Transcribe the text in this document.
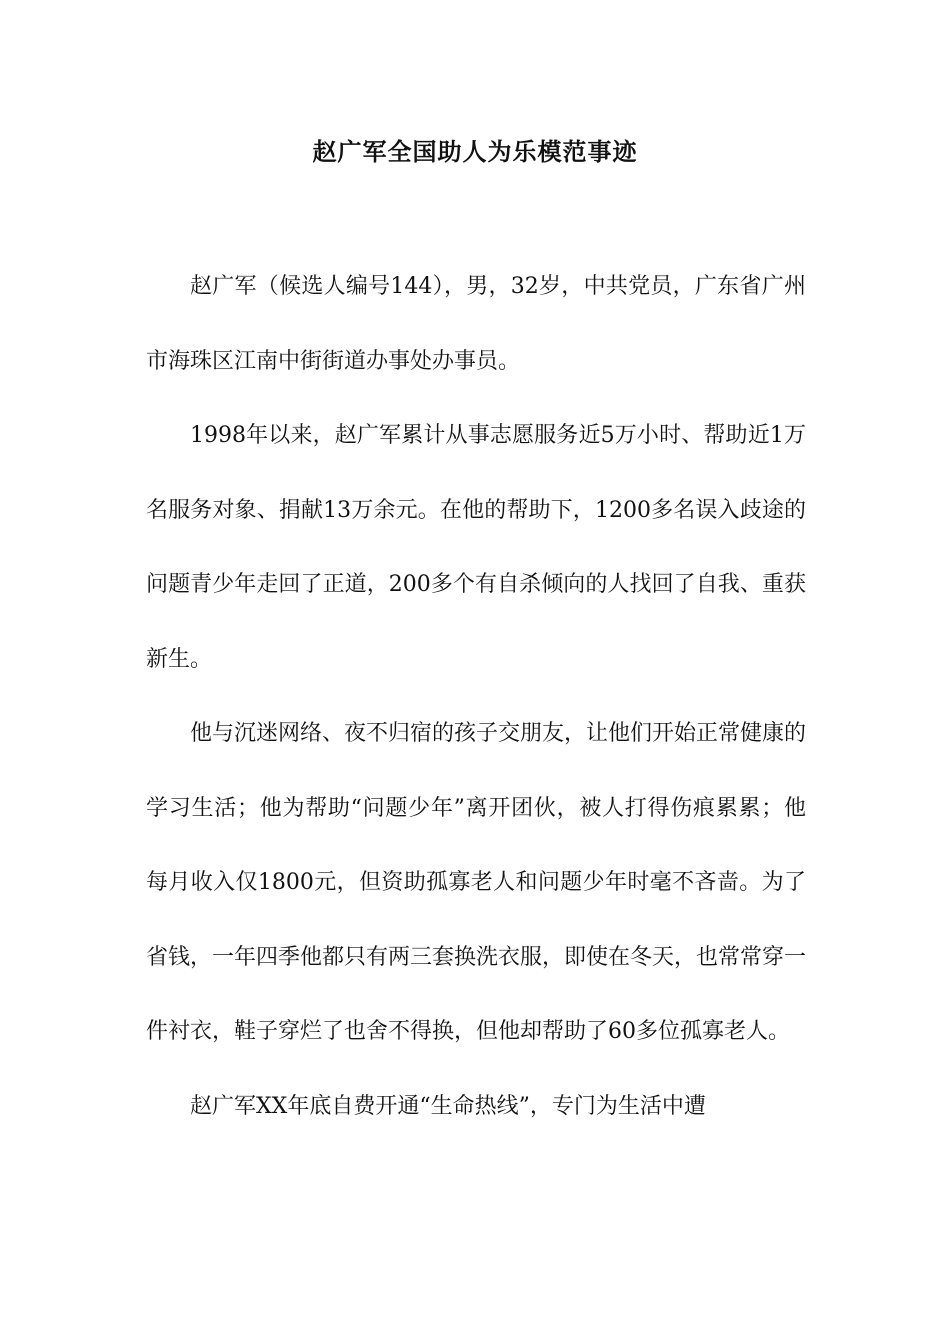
赵广军全国助人为乐模范事迹

赵广军（候选人编号144），男，32岁，中共党员，广东省广州市海珠区江南中街街道办事处办事员。

1998年以来，赵广军累计从事志愿服务近5万小时、帮助近1万名服务对象、捐献13万余元。在他的帮助下，1200多名误入歧途的问题青少年走回了正道，200多个有自杀倾向的人找回了自我、重获新生。

他与沉迷网络、夜不归宿的孩子交朋友，让他们开始正常健康的学习生活；他为帮助“问题少年”离开团伙，被人打得伤痕累累；他每月收入仅1800元，但资助孤寡老人和问题少年时毫不吝啬。为了省钱，一年四季他都只有两三套换洗衣服，即使在冬天，也常常穿一件衬衣，鞋子穿烂了也舍不得换，但他却帮助了60多位孤寡老人。

赵广军XX年底自费开通“生命热线”，专门为生活中遭
